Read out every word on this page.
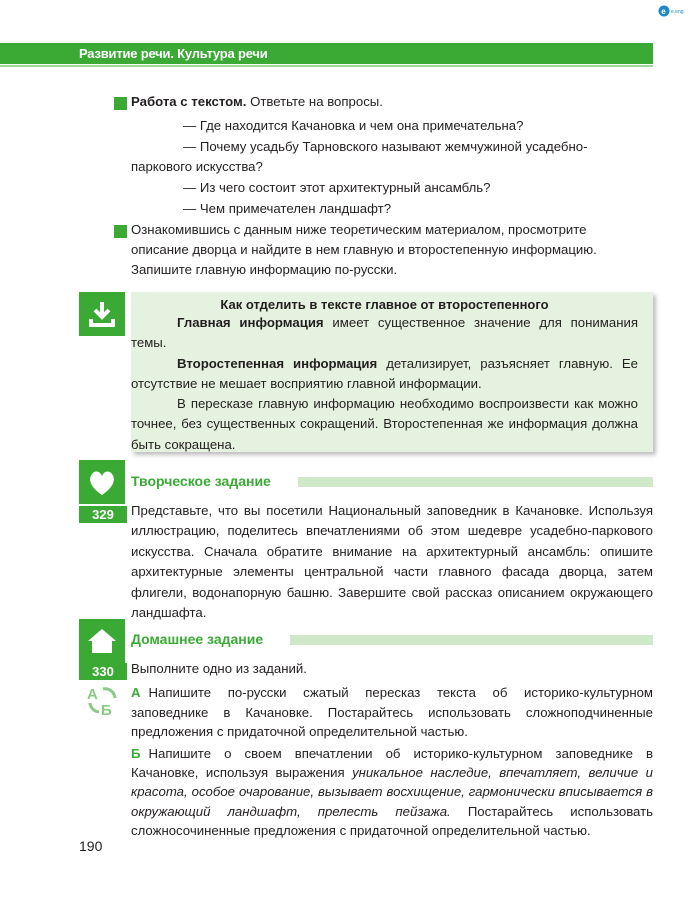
e e.eng
Развитие речи. Культура речи

Работа с текстом. Ответьте на вопросы.

— Где находится Качановка и чем она примечательна?

— Почему усадьбу Тарновского называют жемчужиной усадебно-

паркового искусства?

— Из чего состоит этот архитектурный ансамбль?

— Чем примечателен ландшафт?

Ознакомившись с данным ниже теоретическим материалом, просмотрите

описание дворца и найдите в нем главную и второстепенную информацию.

Запишите главную информацию по-русски.

Как отделить в тексте главное от второстепенного

Главная информация имеет существенное значение для понимания темы.

Второстепенная информация детализирует, разъясняет главную. Ее отсутствие не мешает восприятию главной информации.

В пересказе главную информацию необходимо воспроизвести как можно точнее, без существенных сокращений. Второстепенная же информация должна быть сокращена.

Творческое задание
329	Представьте, что вы посетили Национальный заповедник в Качановке. Используя иллюстрацию, поделитесь впечатлениями об этом шедевре усадебно-паркового искусства. Сначала обратите внимание на архитектурный ансамбль: опишите архитектурные элементы центральной части главного фасада дворца, затем флигели, водонапорную башню. Завершите свой рассказ описанием окружающего ландшафта.

Домашнее задание
330	Выполните одно из заданий.

A
Б

А Напишите по-русски сжатый пересказ текста об историко-культурном заповеднике в Качановке. Постарайтесь использовать сложноподчиненные предложения с придаточной определительной частью.

Б Напишите о своем впечатлении об историко-культурном заповеднике в Качановке, используя выражения уникальное наследие, впечатляет, величие и красота, особое очарование, вызывает восхищение, гармонически вписывается в окружающий ландшафт, прелесть пейзажа. Постарайтесь использовать сложносочиненные предложения с придаточной определительной частью.

190
